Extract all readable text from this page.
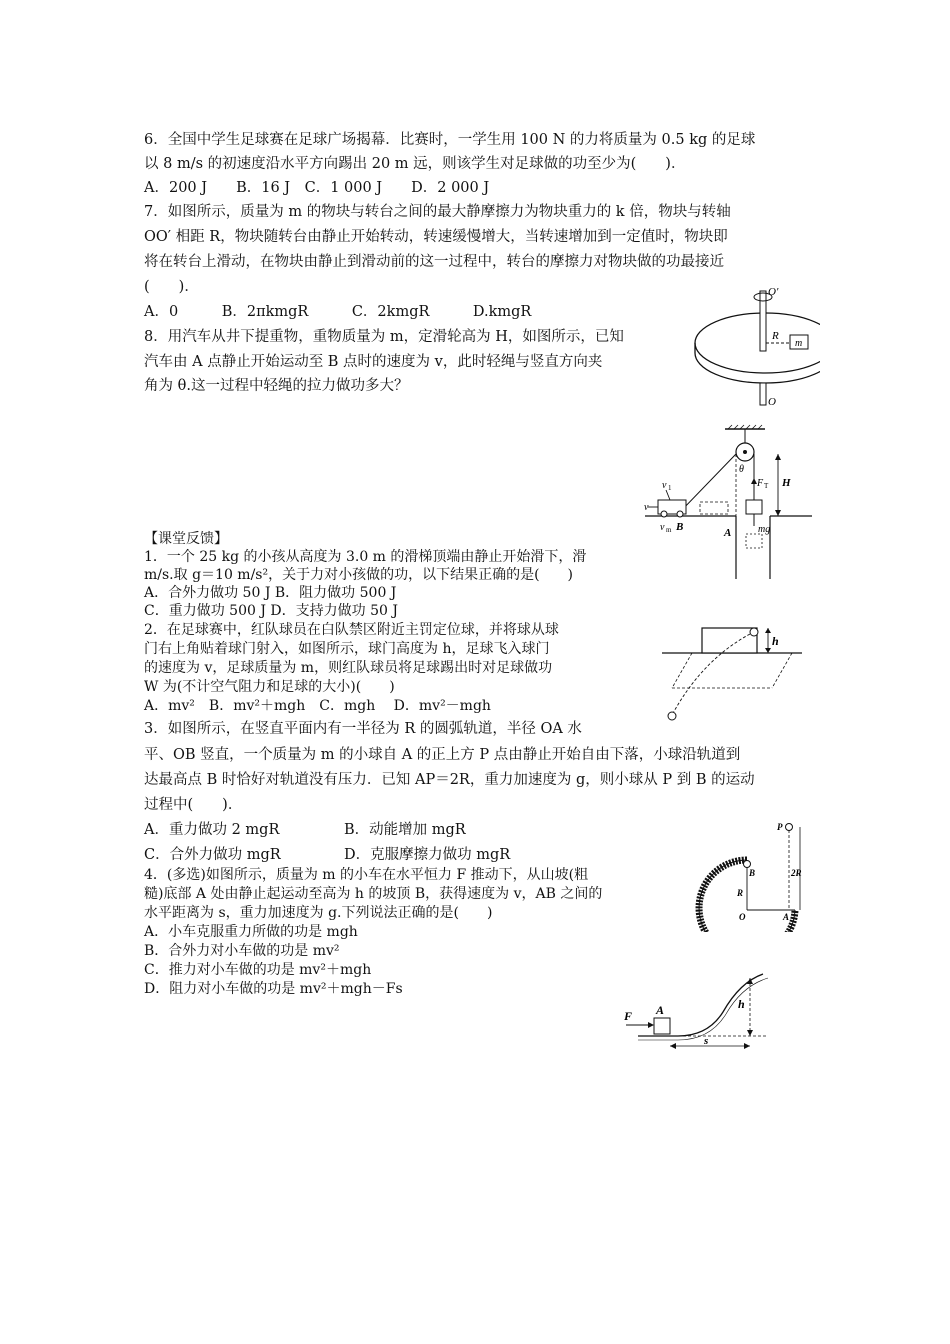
6．全国中学生足球赛在足球广场揭幕．比赛时，一学生用 100 N 的力将质量为 0.5 kg 的足球
以 8 m/s 的初速度沿水平方向踢出 20 m 远，则该学生对足球做的功至少为(　　)．
A．200 J　　B．16 J　C．1 000 J　　D．2 000 J
7．如图所示，质量为 m 的物块与转台之间的最大静摩擦力为物块重力的 k 倍，物块与转轴
OO′ 相距 R，物块随转台由静止开始转动，转速缓慢增大，当转速增加到一定值时，物块即
将在转台上滑动，在物块由静止到滑动前的这一过程中，转台的摩擦力对物块做的功最接近
(　　)．
A．0　　　B．2πkmgR　　　C．2kmgR　　　D.kmgR
8．用汽车从井下提重物，重物质量为 m，定滑轮高为 H，如图所示，已知
汽车由 A 点静止开始运动至 B 点时的速度为 v，此时轻绳与竖直方向夹
角为 θ.这一过程中轻绳的拉力做功多大？
【课堂反馈】
1．一个 25 kg 的小孩从高度为 3.0 m 的滑梯顶端由静止开始滑下，滑
m/s.取 g＝10 m/s²，关于力对小孩做的功，以下结果正确的是(　　)
A．合外力做功 50 J B．阻力做功 500 J
C．重力做功 500 J D．支持力做功 50 J
2．在足球赛中，红队球员在白队禁区附近主罚定位球，并将球从球
门右上角贴着球门射入，如图所示，球门高度为 h，足球飞入球门
的速度为 v，足球质量为 m，则红队球员将足球踢出时对足球做功
W 为(不计空气阻力和足球的大小)(　　)
A．mv²　B．mv²＋mgh　C．mgh　 D．mv²－mgh
3．如图所示，在竖直平面内有一半径为 R 的圆弧轨道，半径 OA 水
平、OB 竖直，一个质量为 m 的小球自 A 的正上方 P 点由静止开始自由下落，小球沿轨道到
达最高点 B 时恰好对轨道没有压力．已知 AP＝2R，重力加速度为 g，则小球从 P 到 B 的运动
过程中(　　)．
A．重力做功 2 mgR	B．动能增加 mgR
C．合外力做功 mgR	D．克服摩擦力做功 mgR
4．(多选)如图所示，质量为 m 的小车在水平恒力 F 推动下，从山坡(粗
糙)底部 A 处由静止起运动至高为 h 的坡顶 B，获得速度为 v，AB 之间的
水平距离为 s，重力加速度为 g.下列说法正确的是(　　)
A．小车克服重力所做的功是 mgh
B．合外力对小车做的功是 mv²
C．推力对小车做的功是 mv²＋mgh
D．阻力对小车做的功是 mv²＋mgh－Fs
O′
R
m
O
v 1
v
v m B	A	mg
θ
F T H
h
P
B
R
O	A
2R
F A	h
s
